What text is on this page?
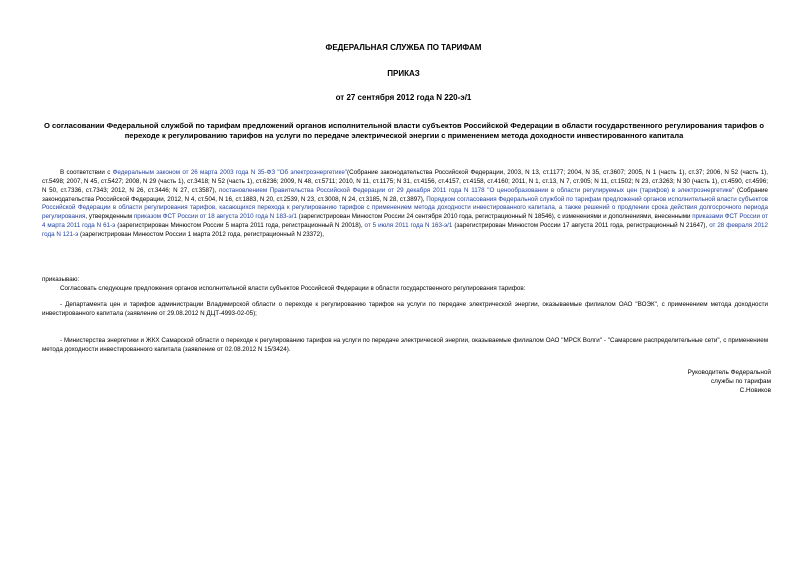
ФЕДЕРАЛЬНАЯ СЛУЖБА ПО ТАРИФАМ
ПРИКАЗ
от 27 сентября 2012 года N 220-э/1
О согласовании Федеральной службой по тарифам предложений органов исполнительной власти субъектов Российской Федерации в области государственного регулирования тарифов о переходе к регулированию тарифов на услуги по передаче электрической энергии с применением метода доходности инвестированного капитала

В соответствии с Федеральным законом от 26 марта 2003 года N 35-ФЗ "Об электроэнергетике"(Собрание законодательства Российской Федерации, 2003, N 13, ст.1177; 2004, N 35, ст.3607; 2005, N 1 (часть 1), ст.37; 2006, N 52 (часть 1), ст.5498; 2007, N 45, ст.5427; 2008, N 29 (часть 1), ст.3418; N 52 (часть 1), ст.6236; 2009, N 48, ст.5711; 2010, N 11, ст.1175; N 31, ст.4156, ст.4157, ст.4158, ст.4160; 2011, N 1, ст.13, N 7, ст.905; N 11, ст.1502; N 23, ст.3263; N 30 (часть 1), ст.4590, ст.4596; N 50, ст.7336, ст.7343; 2012, N 26, ст.3446; N 27, ст.3587), постановлением Правительства Российской Федерации от 29 декабря 2011 года N 1178 "О ценообразовании в области регулируемых цен (тарифов) в электроэнергетике" (Собрание законодательства Российской Федерации, 2012, N 4, ст.504, N 16, ст.1883, N 20, ст.2539, N 23, ст.3008, N 24, ст.3185, N 28, ст.3897), Порядком согласования Федеральной службой по тарифам предложений органов исполнительной власти субъектов Российской Федерации в области регулирования тарифов, касающихся перехода к регулированию тарифов с применением метода доходности инвестированного капитала, а также решений о продлении срока действия долгосрочного периода регулирования, утвержденным приказом ФСТ России от 18 августа 2010 года N 183-э/1 (зарегистрирован Минюстом России 24 сентября 2010 года, регистрационный N 18546), с изменениями и дополнениями, внесенными приказами ФСТ России от 4 марта 2011 года N 61-э (зарегистрирован Минюстом России 5 марта 2011 года, регистрационный N 20018), от 5 июля 2011 года N 163-э/1 (зарегистрирован Минюстом России 17 августа 2011 года, регистрационный N 21647), от 28 февраля 2012 года N 121-э (зарегистрирован Минюстом России 1 марта 2012 года, регистрационный N 23372),

приказываю:

Согласовать следующие предложения органов исполнительной власти субъектов Российской Федерации в области государственного регулирования тарифов:

- Департамента цен и тарифов администрации Владимирской области о переходе к регулированию тарифов на услуги по передаче электрической энергии, оказываемые филиалом ОАО "ВОЭК", с применением метода доходности инвестированного капитала (заявление от 29.08.2012 N ДЦТ-4993-02-05);

- Министерства энергетики и ЖКХ Самарской области о переходе к регулированию тарифов на услуги по передаче электрической энергии, оказываемые филиалом ОАО "МРСК Волги" - "Самарские распределительные сети", с применением метода доходности инвестированного капитала (заявление от 02.08.2012 N 15/3424).

Руководитель Федеральной
службы по тарифам
С.Новиков
